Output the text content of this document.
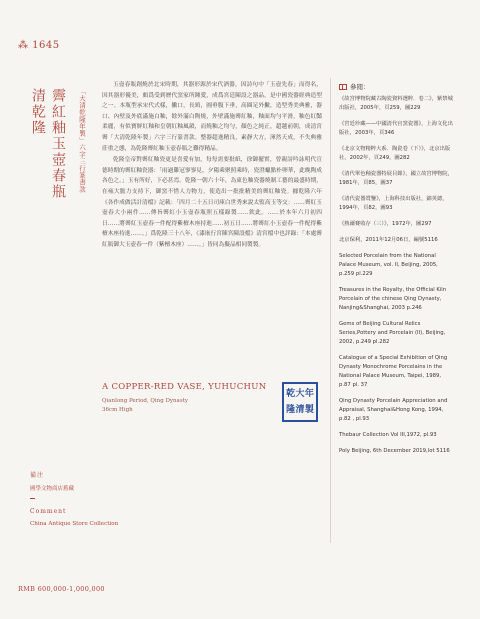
⁂ 1645
清乾隆 霽紅釉玉壺春瓶 「大清乾隆年製」六字三行篆書款

玉壺春瓶創燒於北宋時期，其器形源於宋代酒器，因詩句中「玉壺先春」而得名，因其器形優美，頗爲受到歷代窯家所鍾愛，成爲宮廷陳設之器品。是中國瓷器經典造型之一。本瓶型承宋代式樣，撇口，長頸，圓垂腹下垂，高圈足外撇，造型秀美典雅，器口、內壁及外底滿施白釉，餘外滿白陶燒，外壁滿施霽紅釉，釉面均勻平滑，釉色紅豔柔麗，有似寶鮮紅釉和皇朝紅釉風韻，而燒釉之均勻，顏色之純正，超越前朝，成清宮霽「大清乾隆年製」六字三行篆書款。整器超逸精良，素靜大方，渾然天成，不失典雅莊重之態，為乾隆霽紅釉玉壺春瓶之難得精品。

乾隆皇帝對霽紅釉瓷更是喜愛有加，每每需要批紙，徐御擺實，曾親詩吟詠明代宣德時期的霽紅釉瓷器：「雨過雞冠寥寥見，夕陽乘聚照乘時，瓷澄蠟點朴卵華，此晚陶成各色之。」玉有所好，下必甚焉。乾隆一朝六十年，為東色釉瓷器燒制工藝的最盛時期，在雍大膽力支持下，御窯不惜人力物力，使造出一批批精美的霽紅釉瓷。據乾隆六年《各作成做活計清檔》記載：「四月二十五日司庫白世秀來說太監高玉等交：……霽紅玉壺春大小兩件……傳旨霽紅小玉壺春瓶照五樣錄製……欽此。……於本年六月初四日……將霽紅玉壺春一件配得紫檀木座持進……初五日……將霽紅小玉壺春一件配得紫檀木座持進……。」爲乾隆三十八年，《漆嵌行宮陳宮陳設檔》清宮檔中也詳錄：「本處霽紅瓶御大玉壺春一件（紫檀木座）……。」皆同為擬品相同製製。

A COPPER-RED VASE, YUHUCHUN
Qianlong Period, Qing Dynasty
36cm High
乾 大 年
隆 清 製
備注
國學文物商店舊藏
Comment
China Antique Store Collection
RMB 600,000-1,000,000
參閱：
《故宮博物院藏古陶瓷資料選粹．卷二》，紫禁城出版社，2005年，頁259，圖229
《宮廷珍藏——中國清代官窯瓷器》，上海文化出版社，2003年，頁346
《北京文物精粹大系．陶瓷卷（下）》，北京出版社，2002年，頁249，圖282
《清代單色釉瓷器特展目錄》，國立故宮博物院，1981年，頁85，圖37
《清代瓷器賞鑒》，上海科技出版社，錦英總，1994年，頁82，圖93
《熱爾賽收存（三）》，1972年，圖297
北京保利，2011年12月06日，編號5116
Selected Porcelain from the National Palace Museum, vol. II, Beijing, 2005, p.259 pl.229
Treasures in the Royalty, the Official Kiln Porcelain of the chinese Qing Dynasty, Nanjing&Shanghai, 2003 p.246
Gems of Beijing Cultural Relics Series,Pottery and Porcelain (II), Beijing, 2002, p.249 pl.282
Catalogue of a Special Exhibition of Qing Dynasty Monochrome Porcelains in the National Palace Museum, Taipei, 1989, p.87 pl. 37
Qing Dynasty Porcelain Appreciation and Appraisal, Shanghai&Hong Kong, 1994, p.82 , pl.93
Thebaur Collection Vol III,1972, pl.93
Poly Beijing, 6th December 2019,lot 5116
